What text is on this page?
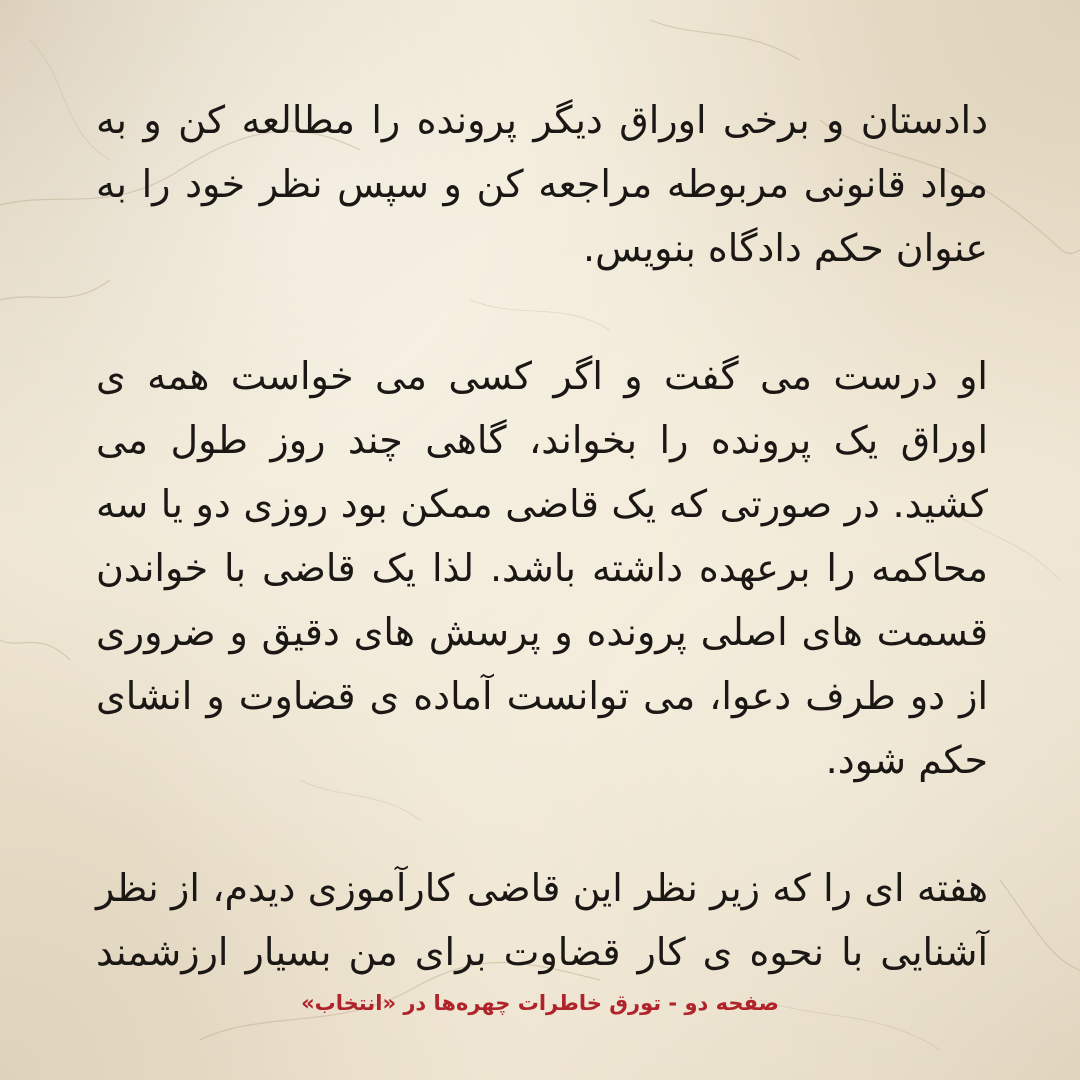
دادستان و برخی اوراق دیگر پرونده را مطالعه کن و به مواد قانونی مربوطه مراجعه کن و سپس نظر خود را به عنوان حکم دادگاه بنویس.

او درست می گفت و اگر کسی می خواست همه ی اوراق یک پرونده را بخواند، گاهی چند روز طول می کشید. در صورتی که یک قاضی ممکن بود روزی دو یا سه محاکمه را برعهده داشته باشد. لذا یک قاضی با خواندن قسمت های اصلی پرونده و پرسش های دقیق و ضروری از دو طرف دعوا، می توانست آماده ی قضاوت و انشای حکم شود.

هفته ای را که زیر نظر این قاضی کارآموزی دیدم، از نظر آشنایی با نحوه ی کار قضاوت برای من بسیار ارزشمند

صفحه دو - تورق خاطرات چهره‌ها در «انتخاب»
